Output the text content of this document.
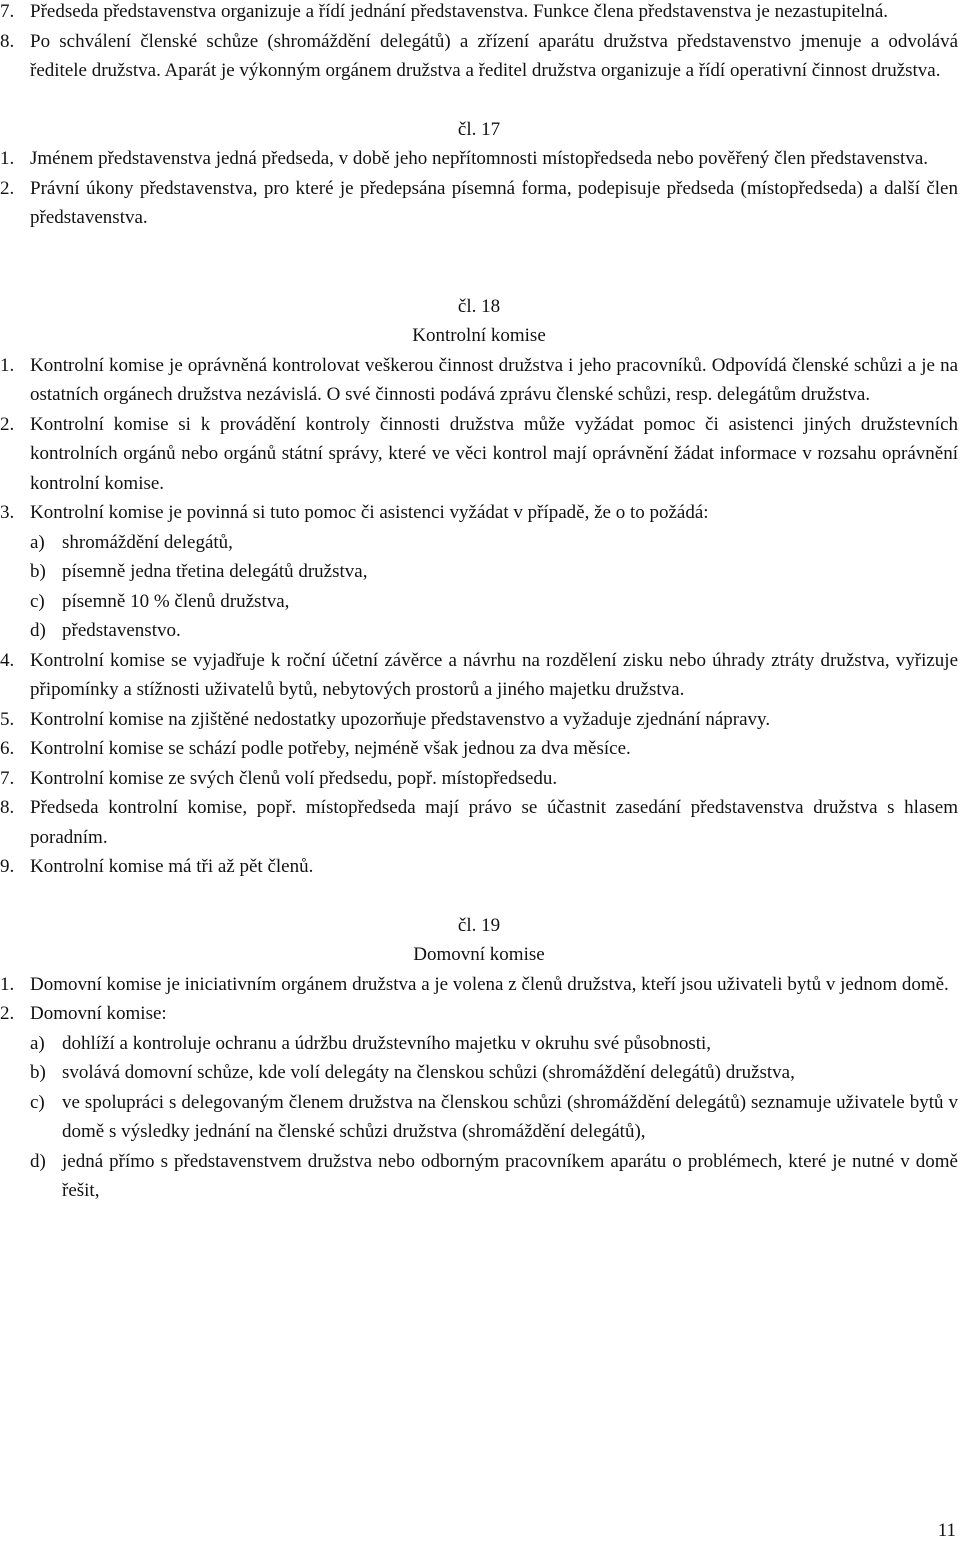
7. Předseda představenstva organizuje a řídí jednání představenstva. Funkce člena představenstva je nezastupitelná.
8. Po schválení členské schůze (shromáždění delegátů) a zřízení aparátu družstva představenstvo jmenuje a odvolává ředitele družstva. Aparát je výkonným orgánem družstva a ředitel družstva organizuje a řídí operativní činnost družstva.
čl. 17
1. Jménem představenstva jedná předseda, v době jeho nepřítomnosti místopředseda nebo pověřený člen představenstva.
2. Právní úkony představenstva, pro které je předepsána písemná forma, podepisuje předseda (místopředseda) a další člen představenstva.
čl. 18
Kontrolní komise
1. Kontrolní komise je oprávněná kontrolovat veškerou činnost družstva i jeho pracovníků. Odpovídá členské schůzi a je na ostatních orgánech družstva nezávislá. O své činnosti podává zprávu členské schůzi, resp. delegátům družstva.
2. Kontrolní komise si k provádění kontroly činnosti družstva může vyžádat pomoc či asistenci jiných družstevních kontrolních orgánů nebo orgánů státní správy, které ve věci kontrol mají oprávnění žádat informace v rozsahu oprávnění kontrolní komise.
3. Kontrolní komise je povinná si tuto pomoc či asistenci vyžádat v případě, že o to požádá:
a) shromáždění delegátů,
b) písemně jedna třetina delegátů družstva,
c) písemně 10 % členů družstva,
d) představenstvo.
4. Kontrolní komise se vyjadřuje k roční účetní závěrce a návrhu na rozdělení zisku nebo úhrady ztráty družstva, vyřizuje připomínky a stížnosti uživatelů bytů, nebytových prostorů a jiného majetku družstva.
5. Kontrolní komise na zjištěné nedostatky upozorňuje představenstvo a vyžaduje zjednání nápravy.
6. Kontrolní komise se schází podle potřeby, nejméně však jednou za dva měsíce.
7. Kontrolní komise ze svých členů volí předsedu, popř. místopředsedu.
8. Předseda kontrolní komise, popř. místopředseda mají právo se účastnit zasedání představenstva družstva s hlasem poradním.
9. Kontrolní komise má tři až pět členů.
čl. 19
Domovní komise
1. Domovní komise je iniciativním orgánem družstva a je volena z členů družstva, kteří jsou uživateli bytů v jednom domě.
2. Domovní komise:
a) dohlíží a kontroluje ochranu a údržbu družstevního majetku v okruhu své působnosti,
b) svolává domovní schůze, kde volí delegáty na členskou schůzi (shromáždění delegátů) družstva,
c) ve spolupráci s delegovaným členem družstva na členskou schůzi (shromáždění delegátů) seznamuje uživatele bytů v domě s výsledky jednání na členské schůzi družstva (shromáždění delegátů),
d) jedná přímo s představenstvem družstva nebo odborným pracovníkem aparátu o problémech, které je nutné v domě řešit,
11
